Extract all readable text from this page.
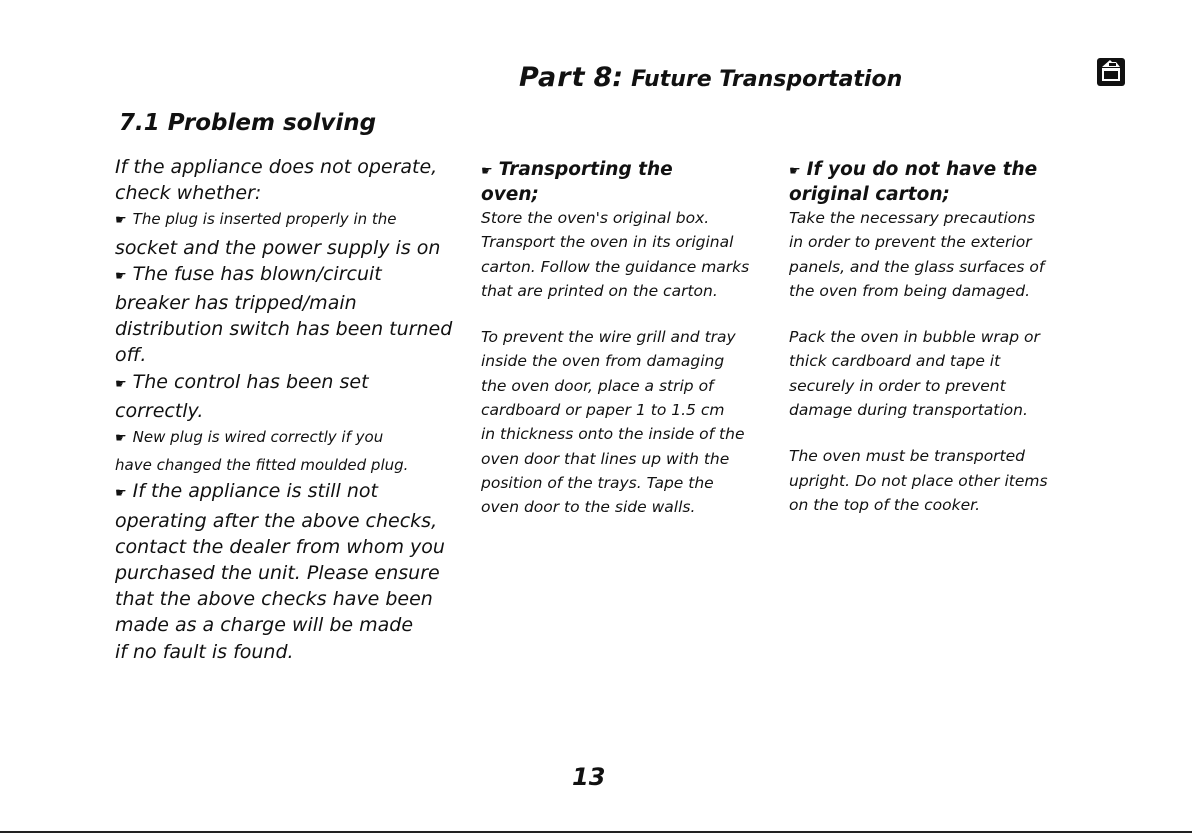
Part 8: Future Transportation
7.1 Problem solving
If the appliance does not operate,
check whether:
☛ The plug is inserted properly in the
socket and the power supply is on
☛ The fuse has blown/circuit
breaker has tripped/main
distribution switch has been turned
off.
☛ The control has been set
correctly.
☛ New plug is wired correctly if you
have changed the fitted moulded plug.
☛ If the appliance is still not
operating after the above checks,
contact the dealer from whom you
purchased the unit. Please ensure
that the above checks have been
made as a charge will be made
if no fault is found.
☛ Transporting the
oven;
Store the oven's original box.
Transport the oven in its original
carton. Follow the guidance marks
that are printed on the carton.
To prevent the wire grill and tray
inside the oven from damaging
the oven door, place a strip of
cardboard or paper 1 to 1.5 cm
in thickness onto the inside of the
oven door that lines up with the
position of the trays. Tape the
oven door to the side walls.
☛ If you do not have the
original carton;
Take the necessary precautions
in order to prevent the exterior
panels, and the glass surfaces of
the oven from being damaged.
Pack the oven in bubble wrap or
thick cardboard and tape it
securely in order to prevent
damage during transportation.
The oven must be transported
upright. Do not place other items
on the top of the cooker.
13
